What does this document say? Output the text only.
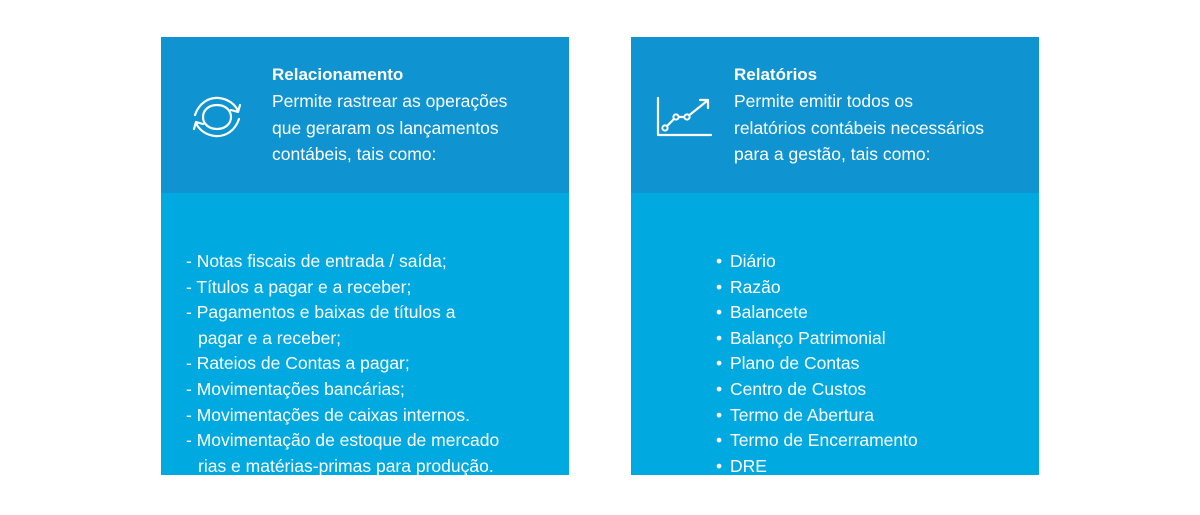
Relacionamento
Permite rastrear as operações
que geraram os lançamentos
contábeis, tais como:
- Notas fiscais de entrada / saída;
- Títulos a pagar e a receber;
- Pagamentos e baixas de títulos a
pagar e a receber;
- Rateios de Contas a pagar;
- Movimentações bancárias;
- Movimentações de caixas internos.
- Movimentação de estoque de mercado
rias e matérias-primas para produção.
Relatórios
Permite emitir todos os
relatórios contábeis necessários
para a gestão, tais como:
• Diário
• Razão
• Balancete
• Balanço Patrimonial
• Plano de Contas
• Centro de Custos
• Termo de Abertura
• Termo de Encerramento
• DRE
